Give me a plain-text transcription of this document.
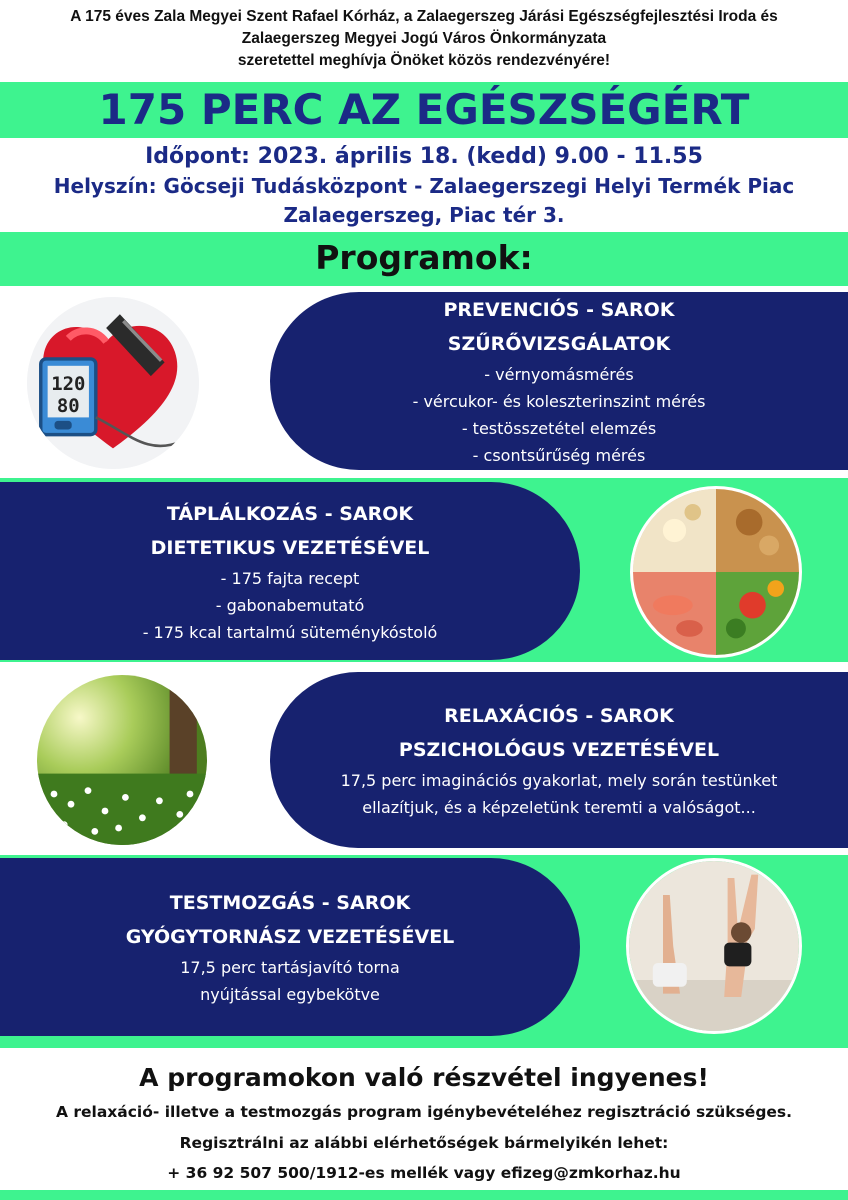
A 175 éves Zala Megyei Szent Rafael Kórház, a Zalaegerszeg Járási Egészségfejlesztési Iroda és
Zalaegerszeg Megyei Jogú Város Önkormányzata
szeretettel meghívja Önöket közös rendezvényére!
175 PERC AZ EGÉSZSÉGÉRT
Időpont: 2023. április 18. (kedd) 9.00 - 11.55
Helyszín: Göcseji Tudásközpont - Zalaegerszegi Helyi Termék Piac
Zalaegerszeg, Piac tér 3.
Programok:
PREVENCIÓS - SAROK
SZŰRŐVIZSGÁLATOK
- vérnyomásmérés
- vércukor- és koleszterinszint mérés
- testösszetétel elemzés
- csontsűrűség mérés
120
80
TÁPLÁLKOZÁS - SAROK
DIETETIKUS VEZETÉSÉVEL
- 175 fajta recept
- gabonabemutató
- 175 kcal tartalmú süteménykóstoló
RELAXÁCIÓS - SAROK
PSZICHOLÓGUS VEZETÉSÉVEL
17,5 perc imaginációs gyakorlat, mely során testünket
ellazítjuk, és a képzeletünk teremti a valóságot...
TESTMOZGÁS - SAROK
GYÓGYTORNÁSZ VEZETÉSÉVEL
17,5 perc tartásjavító torna
nyújtással egybekötve
A programokon való részvétel ingyenes!
A relaxáció- illetve a testmozgás program igénybevételéhez regisztráció szükséges.
Regisztrálni az alábbi elérhetőségek bármelyikén lehet:
+ 36 92 507 500/1912-es mellék vagy efizeg@zmkorhaz.hu
